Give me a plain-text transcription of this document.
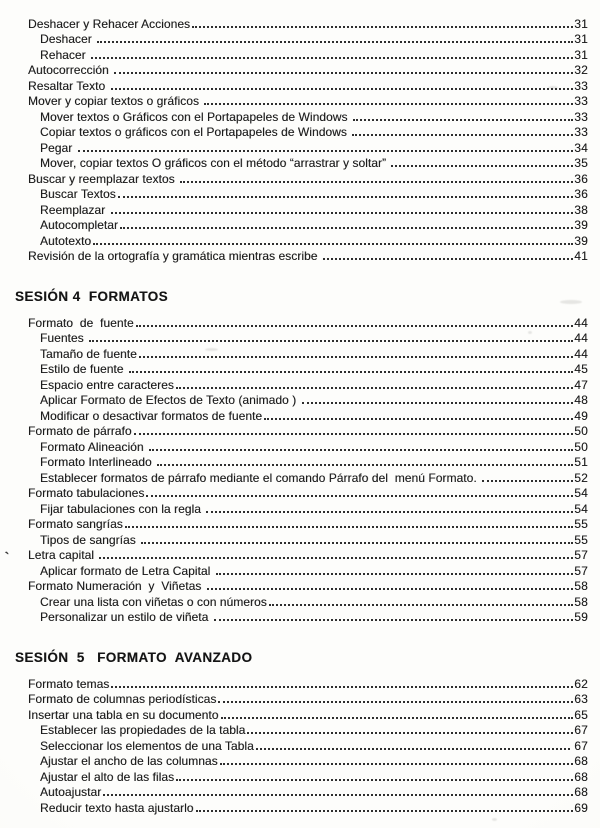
Deshacer y Rehacer Acciones	31
Deshacer	31
Rehacer	31
Autocorrección	32
Resaltar Texto	33
Mover y copiar textos o gráficos	33
Mover textos o Gráficos con el Portapapeles de Windows	33
Copiar textos o gráficos con el Portapapeles de Windows	33
Pegar	34
Mover, copiar textos O gráficos con el método “arrastrar y soltar”	35
Buscar y reemplazar textos	36
Buscar Textos	36
Reemplazar	38
Autocompletar	39
Autotexto	39
Revisión de la ortografía y gramática mientras escribe	41
SESIÓN 4  FORMATOS
Formato  de  fuente	44
Fuentes	44
Tamaño de fuente	44
Estilo de fuente	45
Espacio entre caracteres	47
Aplicar Formato de Efectos de Texto (animado )	48
Modificar o desactivar formatos de fuente	49
Formato de párrafo	50
Formato Alineación	50
Formato Interlineado	51
Establecer formatos de párrafo mediante el comando Párrafo del  menú Formato.	52
Formato tabulaciones	54
Fijar tabulaciones con la regla	54
Formato sangrías	55
Tipos de sangrías	55
Letra capital	57
Aplicar formato de Letra Capital	57
Formato Numeración  y  Viñetas	58
Crear una lista con viñetas o con números	58
Personalizar un estilo de viñeta	59
SESIÓN  5   FORMATO  AVANZADO
Formato temas	62
Formato de columnas periodísticas	63
Insertar una tabla en su documento	65
Establecer las propiedades de la tabla	67
Seleccionar los elementos de una Tabla	67
Ajustar el ancho de las columnas	68
Ajustar el alto de las filas	68
Autoajustar	68
Reducir texto hasta ajustarlo	69
ˋ
